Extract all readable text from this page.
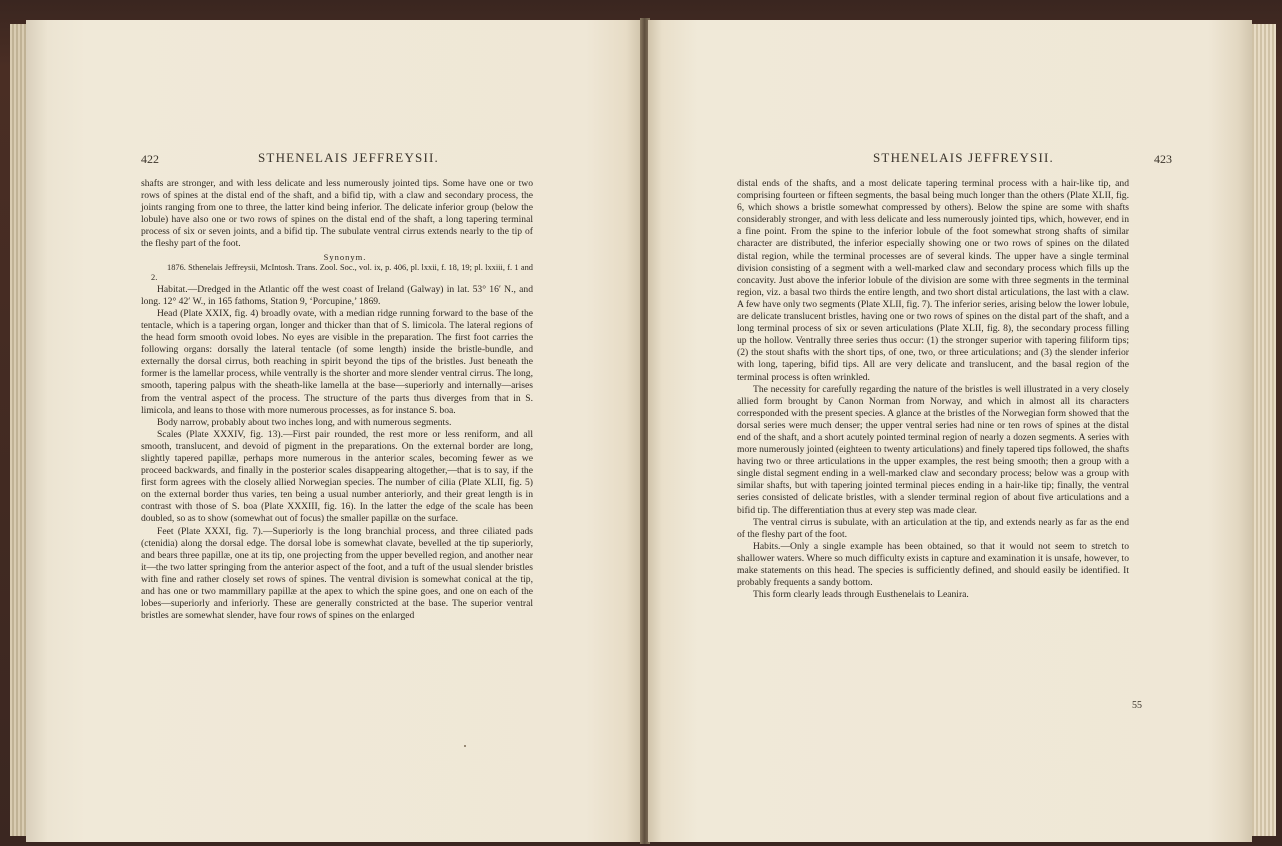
422	STHENELAIS JEFFREYSII.

shafts are stronger, and with less delicate and less numerously jointed tips. Some have one or two rows of spines at the distal end of the shaft, and a bifid tip, with a claw and secondary process, the joints ranging from one to three, the latter kind being inferior. The delicate inferior group (below the lobule) have also one or two rows of spines on the distal end of the shaft, a long tapering terminal process of six or seven joints, and a bifid tip. The subulate ventral cirrus extends nearly to the tip of the fleshy part of the foot.

Synonym.

1876. Sthenelais Jeffreysii, McIntosh. Trans. Zool. Soc., vol. ix, p. 406, pl. lxxii, f. 18, 19; pl. lxxiii, f. 1 and 2.

Habitat.—Dredged in the Atlantic off the west coast of Ireland (Galway) in lat. 53° 16′ N., and long. 12° 42′ W., in 165 fathoms, Station 9, ‘Porcupine,’ 1869.

Head (Plate XXIX, fig. 4) broadly ovate, with a median ridge running forward to the base of the tentacle, which is a tapering organ, longer and thicker than that of S. limicola. The lateral regions of the head form smooth ovoid lobes. No eyes are visible in the preparation. The first foot carries the following organs: dorsally the lateral tentacle (of some length) inside the bristle-bundle, and externally the dorsal cirrus, both reaching in spirit beyond the tips of the bristles. Just beneath the former is the lamellar process, while ventrally is the shorter and more slender ventral cirrus. The long, smooth, tapering palpus with the sheath-like lamella at the base—superiorly and internally—arises from the ventral aspect of the process. The structure of the parts thus diverges from that in S. limicola, and leans to those with more numerous processes, as for instance S. boa.

Body narrow, probably about two inches long, and with numerous segments.

Scales (Plate XXXIV, fig. 13).—First pair rounded, the rest more or less reniform, and all smooth, translucent, and devoid of pigment in the preparations. On the external border are long, slightly tapered papillæ, perhaps more numerous in the anterior scales, becoming fewer as we proceed backwards, and finally in the posterior scales disappearing altogether,—that is to say, if the first form agrees with the closely allied Norwegian species. The number of cilia (Plate XLII, fig. 5) on the external border thus varies, ten being a usual number anteriorly, and their great length is in contrast with those of S. boa (Plate XXXIII, fig. 16). In the latter the edge of the scale has been doubled, so as to show (somewhat out of focus) the smaller papillæ on the surface.

Feet (Plate XXXI, fig. 7).—Superiorly is the long branchial process, and three ciliated pads (ctenidia) along the dorsal edge. The dorsal lobe is somewhat clavate, bevelled at the tip superiorly, and bears three papillæ, one at its tip, one projecting from the upper bevelled region, and another near it—the two latter springing from the anterior aspect of the foot, and a tuft of the usual slender bristles with fine and rather closely set rows of spines. The ventral division is somewhat conical at the tip, and has one or two mammillary papillæ at the apex to which the spine goes, and one on each of the lobes—superiorly and inferiorly. These are generally constricted at the base. The superior ventral bristles are somewhat slender, have four rows of spines on the enlarged

STHENELAIS JEFFREYSII.	423

distal ends of the shafts, and a most delicate tapering terminal process with a hair-like tip, and comprising fourteen or fifteen segments, the basal being much longer than the others (Plate XLII, fig. 6, which shows a bristle somewhat compressed by others). Below the spine are some with shafts considerably stronger, and with less delicate and less numerously jointed tips, which, however, end in a fine point. From the spine to the inferior lobule of the foot somewhat strong shafts of similar character are distributed, the inferior especially showing one or two rows of spines on the dilated distal region, while the terminal processes are of several kinds. The upper have a single terminal division consisting of a segment with a well-marked claw and secondary process which fills up the concavity. Just above the inferior lobule of the division are some with three segments in the terminal region, viz. a basal two thirds the entire length, and two short distal articulations, the last with a claw. A few have only two segments (Plate XLII, fig. 7). The inferior series, arising below the lower lobule, are delicate translucent bristles, having one or two rows of spines on the distal part of the shaft, and a long terminal process of six or seven articulations (Plate XLII, fig. 8), the secondary process filling up the hollow. Ventrally three series thus occur: (1) the stronger superior with tapering filiform tips; (2) the stout shafts with the short tips, of one, two, or three articulations; and (3) the slender inferior with long, tapering, bifid tips. All are very delicate and translucent, and the basal region of the terminal process is often wrinkled.

The necessity for carefully regarding the nature of the bristles is well illustrated in a very closely allied form brought by Canon Norman from Norway, and which in almost all its characters corresponded with the present species. A glance at the bristles of the Norwegian form showed that the dorsal series were much denser; the upper ventral series had nine or ten rows of spines at the distal end of the shaft, and a short acutely pointed terminal region of nearly a dozen segments. A series with more numerously jointed (eighteen to twenty articulations) and finely tapered tips followed, the shafts having two or three articulations in the upper examples, the rest being smooth; then a group with a single distal segment ending in a well-marked claw and secondary process; below was a group with similar shafts, but with tapering jointed terminal pieces ending in a hair-like tip; finally, the ventral series consisted of delicate bristles, with a slender terminal region of about five articulations and a bifid tip. The differentiation thus at every step was made clear.

The ventral cirrus is subulate, with an articulation at the tip, and extends nearly as far as the end of the fleshy part of the foot.

Habits.—Only a single example has been obtained, so that it would not seem to stretch to shallower waters. Where so much difficulty exists in capture and examination it is unsafe, however, to make statements on this head. The species is sufficiently defined, and should easily be identified. It probably frequents a sandy bottom.

This form clearly leads through Eusthenelais to Leanira.

55
